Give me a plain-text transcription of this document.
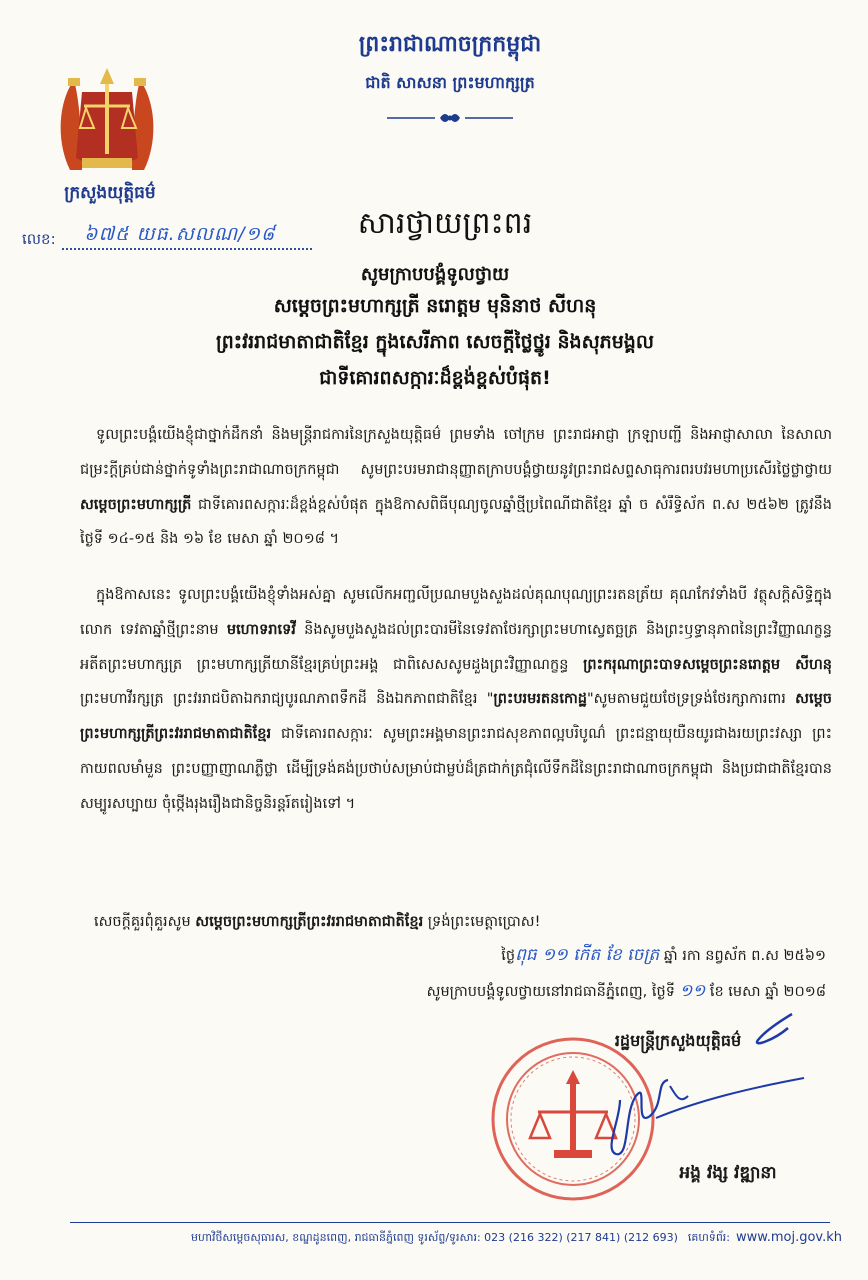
ព្រះរាជាណាចក្រកម្ពុជា
ជាតិ សាសនា ព្រះមហាក្សត្រ
ក្រសួងយុត្តិធម៌
លេខ: ៦៧៥ យធ.សលណ/១៨	សារថ្វាយព្រះពរ
សូមក្រាបបង្គំទូលថ្វាយ
សម្តេចព្រះមហាក្សត្រី នរោត្តម មុនិនាថ សីហនុ
ព្រះវររាជមាតាជាតិខ្មែរ ក្នុងសេរីភាព សេចក្តីថ្លៃថ្នូរ និងសុភមង្គល
ជាទីគោរពសក្ការៈដ៏ខ្ពង់ខ្ពស់បំផុត!

ទូលព្រះបង្គំយើងខ្ញុំជាថ្នាក់ដឹកនាំ និងមន្ត្រីរាជការនៃក្រសួងយុត្តិធម៌ ព្រមទាំង ចៅក្រម ព្រះរាជអាជ្ញា ក្រឡាបញ្ជី និងអាជ្ញាសាលា នៃសាលាជម្រះក្តីគ្រប់ជាន់ថ្នាក់ទូទាំងព្រះរាជាណាចក្រកម្ពុជា សូមព្រះបរមរាជានុញ្ញាតក្រាបបង្គំថ្វាយនូវព្រះរាជសព្ទសាធុការពរបវរមហាប្រសើរថ្លៃថ្លាថ្វាយ សម្តេចព្រះមហាក្សត្រី ជាទីគោរពសក្ការៈដ៏ខ្ពង់ខ្ពស់បំផុត ក្នុងឱកាសពិធីបុណ្យចូលឆ្នាំថ្មីប្រពៃណីជាតិខ្មែរ ឆ្នាំ ច សំរឹទ្ធិស័ក ព.ស ២៥៦២ ត្រូវនឹងថ្ងៃទី ១៤-១៥ និង ១៦ ខែ មេសា ឆ្នាំ ២០១៨ ។

ក្នុងឱកាសនេះ ទូលព្រះបង្គំយើងខ្ញុំទាំងអស់គ្នា សូមលើកអញ្ជលីប្រណមបួងសួងដល់គុណបុណ្យព្រះរតនត្រ័យ គុណកែវទាំងបី វត្ថុសក្តិសិទ្ធិក្នុងលោក ទេវតាឆ្នាំថ្មីព្រះនាម មហោទរាទេវី និងសូមបួងសួងដល់ព្រះបារមីនៃទេវតាថែរក្សាព្រះមហាស្វេតច្ឆត្រ និងព្រះឫទ្ធានុភាពនៃព្រះវិញ្ញាណក្ខន្ធអតីតព្រះមហាក្សត្រ ព្រះមហាក្សត្រីយានីខ្មែរគ្រប់ព្រះអង្គ ជាពិសេសសូមដួងព្រះវិញ្ញាណក្ខន្ធ ព្រះករុណាព្រះបាទសម្តេចព្រះនរោត្តម សីហនុ ព្រះមហាវីរក្សត្រ ព្រះវររាជបិតាឯករាជ្យបូរណភាពទឹកដី និងឯកភាពជាតិខ្មែរ "ព្រះបរមរតនកោដ្ឋ"សូមតាមជួយថែទ្រទ្រង់ថែរក្សាការពារ សម្តេចព្រះមហាក្សត្រីព្រះវររាជមាតាជាតិខ្មែរ ជាទីគោរពសក្ការៈ សូមព្រះអង្គមានព្រះរាជសុខភាពល្អបរិបូណ៌ ព្រះជន្មាយុយឺនយូរជាងរយព្រះវស្សា ព្រះកាយពលមាំមួន ព្រះបញ្ញាញាណភ្លឺថ្លា ដើម្បីទ្រង់គង់ប្រថាប់សម្រាប់ជាម្លប់ដ៏ត្រជាក់ត្រជុំលើទឹកដីនៃព្រះរាជាណាចក្រកម្ពុជា និងប្រជាជាតិខ្មែរបានសម្បូរសប្បាយ ចុំថ្កើងរុងរឿងជានិច្ចនិរន្តរ៍តរៀងទៅ ។

សេចក្តីគួរពុំគួរសូម សម្តេចព្រះមហាក្សត្រីព្រះវររាជមាតាជាតិខ្មែរ ទ្រង់ព្រះមេត្តាប្រោស!

ថ្ងៃពុធ ១១ កើត ខែ ចេត្រ ឆ្នាំ រកា នព្វស័ក ព.ស ២៥៦១
សូមក្រាបបង្គំទូលថ្វាយនៅរាជធានីភ្នំពេញ, ថ្ងៃទី ១១ ខែ មេសា ឆ្នាំ ២០១៨
រដ្ឋមន្ត្រីក្រសួងយុត្តិធម៌
អង្គ វង្ស វឌ្ឍានា
មហាវិថីសម្តេចសុធារស, ខណ្ឌដូនពេញ, រាជធានីភ្នំពេញ ទូរស័ព្ទ/ទូរសារ: 023 (216 322) (217 841) (212 693) គេហទំព័រ: www.moj.gov.kh
